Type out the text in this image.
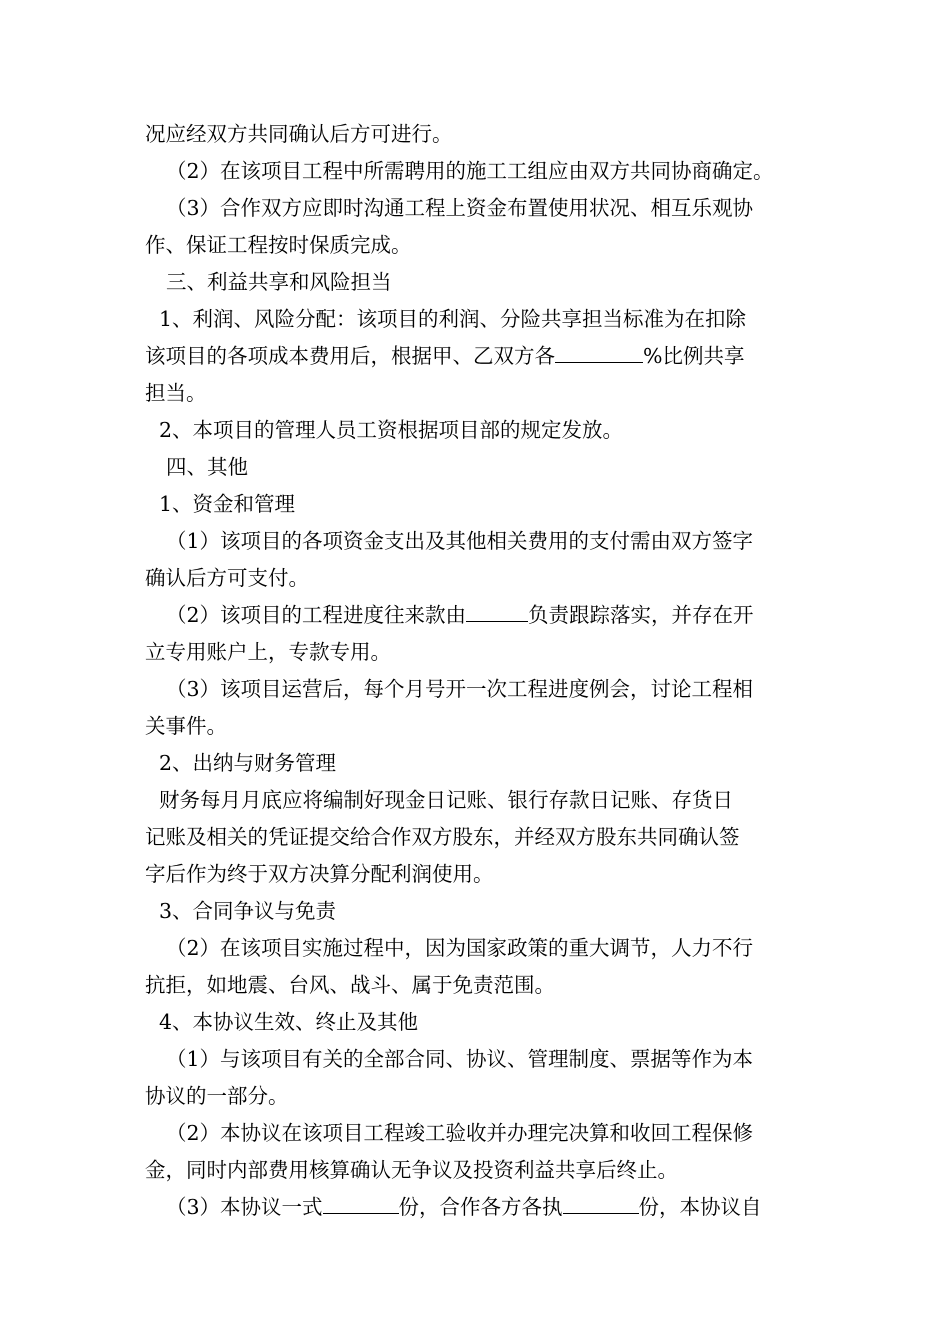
况应经双方共同确认后方可进行。
（2）在该项目工程中所需聘用的施工工组应由双方共同协商确定。
（3）合作双方应即时沟通工程上资金布置使用状况、相互乐观协
作、保证工程按时保质完成。
三、利益共享和风险担当
1、利润、风险分配：该项目的利润、分险共享担当标准为在扣除
该项目的各项成本费用后，根据甲、乙双方各	%比例共享
担当。
2、本项目的管理人员工资根据项目部的规定发放。
四、其他
1、资金和管理
（1）该项目的各项资金支出及其他相关费用的支付需由双方签字
确认后方可支付。
（2）该项目的工程进度往来款由	负责跟踪落实，并存在开
立专用账户上，专款专用。
（3）该项目运营后，每个月号开一次工程进度例会，讨论工程相
关事件。
2、出纳与财务管理
财务每月月底应将编制好现金日记账、银行存款日记账、存货日
记账及相关的凭证提交给合作双方股东，并经双方股东共同确认签
字后作为终于双方决算分配利润使用。
3、合同争议与免责
（2）在该项目实施过程中，因为国家政策的重大调节，人力不行
抗拒，如地震、台风、战斗、属于免责范围。
4、本协议生效、终止及其他
（1）与该项目有关的全部合同、协议、管理制度、票据等作为本
协议的一部分。
（2）本协议在该项目工程竣工验收并办理完决算和收回工程保修
金，同时内部费用核算确认无争议及投资利益共享后终止。
（3）本协议一式	份，合作各方各执	份，本协议自
